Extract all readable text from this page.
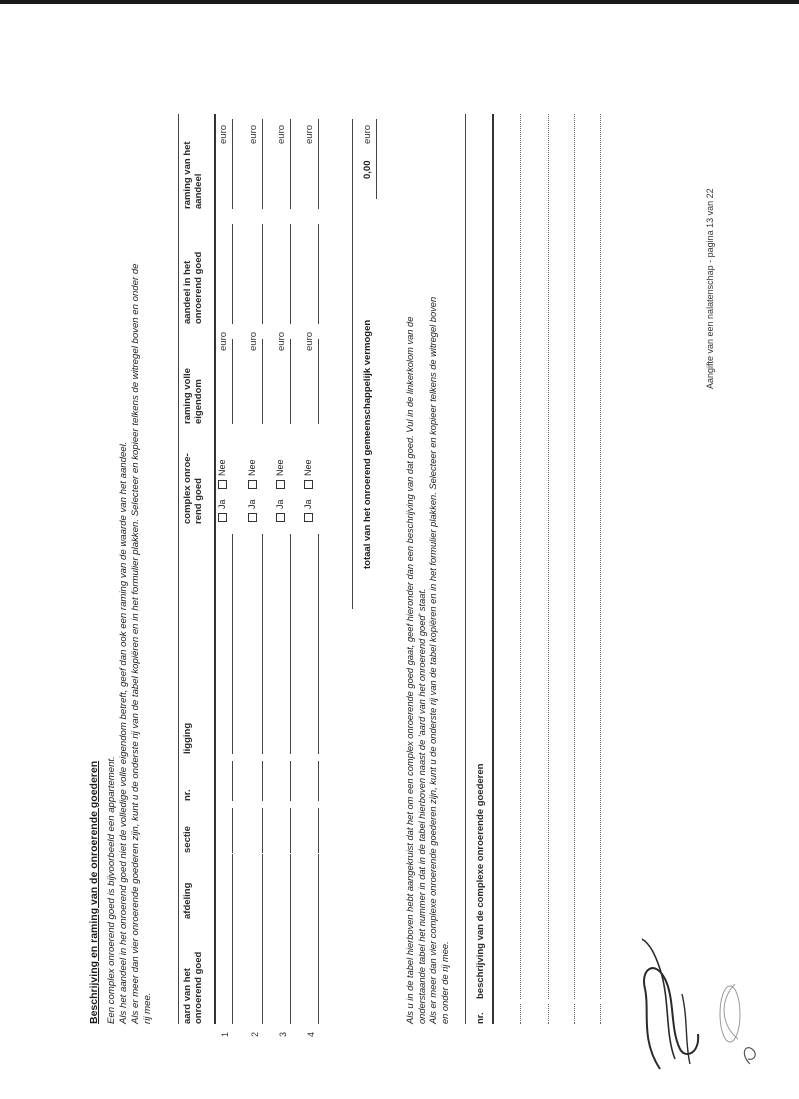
Beschrijving en raming van de onroerende goederen Een complex onroerend goed is bijvoorbeeld een appartement. Als het aandeel in het onroerend goed niet de volledige volle eigendom betreft, geef dan ook een raming van de waarde van het aandeel. Als er meer dan vier onroerende goederen zijn, kunt u de onderste rij van de tabel kopiëren en in het formulier plakken. Selecteer en kopieer telkens de witregel boven en onder de rij mee.	aard van het onroerend goed
afdeling
sectie
nr.
ligging
complex onroe- rend goed
raming volle eigendom
aandeel in het onroerend goed
raming van het aandeel
1
Ja
Nee
euro
euro
2
Ja
Nee
euro
euro
3
Ja
Nee
euro
euro
4
Ja
Nee
euro
euro
totaal van het onroerend gemeenschappelijk vermogen
0,00
euro
Als u in de tabel hierboven hebt aangekruist dat het om een complex onroerende goed gaat, geef hieronder dan een beschrijving van dat goed. Vul in de linkerkolom van de onderstaande tabel het nummer in dat in de tabel hierboven naast de 'aard van het onroerend goed' staat. Als er meer dan vier complexe onroerende goederen zijn, kunt u de onderste rij van de tabel kopiëren en in het formulier plakken. Selecteer en kopieer telkens de witregel boven en onder de rij mee.	nr.
beschrijving van de complexe onroerende goederen
Aangifte van een nalatenschap - pagina 13 van 22
